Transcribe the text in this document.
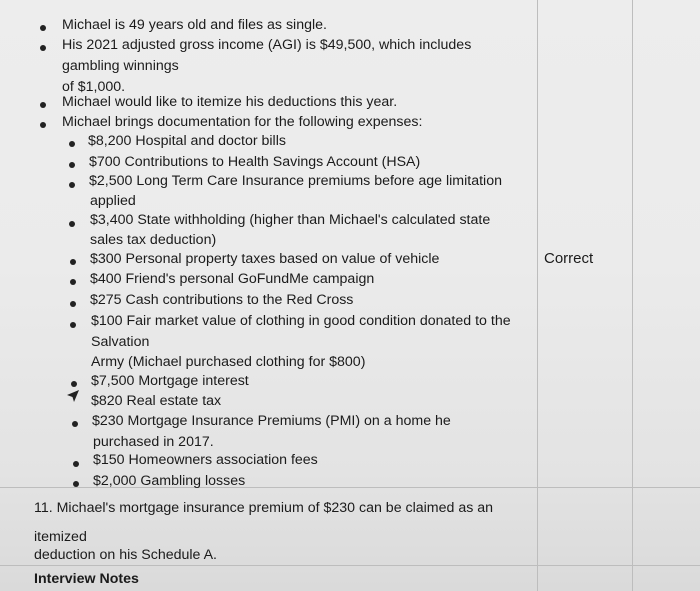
Michael is 49 years old and files as single.
His 2021 adjusted gross income (AGI) is $49,500, which includes
gambling winnings
of $1,000.
Michael would like to itemize his deductions this year.
Michael brings documentation for the following expenses:
$8,200 Hospital and doctor bills
$700 Contributions to Health Savings Account (HSA)
$2,500 Long Term Care Insurance premiums before age limitation
applied
$3,400 State withholding (higher than Michael's calculated state
sales tax deduction)
$300 Personal property taxes based on value of vehicle
$400 Friend's personal GoFundMe campaign
$275 Cash contributions to the Red Cross
$100 Fair market value of clothing in good condition donated to the
Salvation
Army (Michael purchased clothing for $800)
$7,500 Mortgage interest
$820 Real estate tax
$230 Mortgage Insurance Premiums (PMI) on a home he
purchased in 2017.
$150 Homeowners association fees
$2,000 Gambling losses
Correct
11. Michael's mortgage insurance premium of $230 can be claimed as an
itemized
deduction on his Schedule A.
Interview Notes
